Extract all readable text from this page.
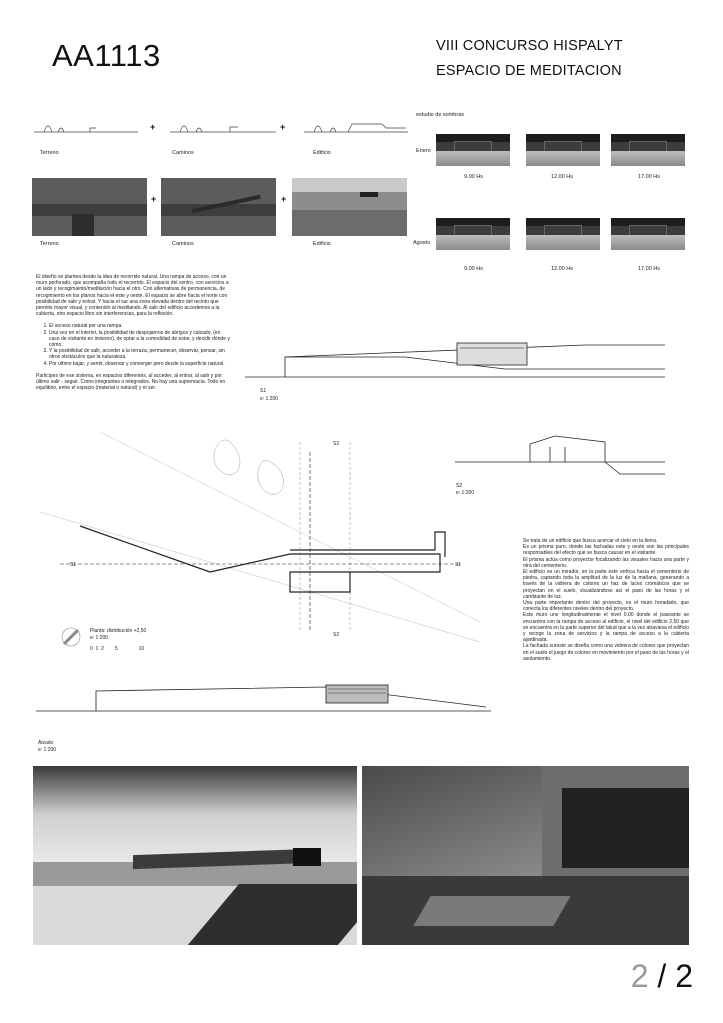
AA1113	VIII CONCURSO HISPALYT
ESPACIO DE MEDITACION
+	+
Terreno	Caminos	Edificio
+	+
Terreno	Caminos	Edificio
estudio de sombras
Enero
9.00 Hs	12.00 Hs	17.00 Hs
Agosto
9.00 Hs	12.00 Hs	17.00 Hs
El diseño se plantea desde la idea de recorrido natural. Una rampa de acceso, con un muro perforado, que acompaña todo el recorrido. El espacio del centro, con servicios a un lado y recogimiento/meditación hacia el otro. Con alternativas de permanencia, de recogimiento en los planos hacia el este y oeste. El espacio se abre hacia el norte con posibilidad de salir y entrar. Y hacia el sur una zona elevada dentro del recinto que permite mayor visual, y contenido al meditando. Al salir del edificio accedemos a la cubierta, otro espacio libre sin interferencias, para la reflexión.
1. El acceso natural por una rampa.
2. Una vez en el interior, la posibilidad de despojarnos de abrigos y calzado, (en caso de visitante en invierno), de optar a la comodidad de estar, y decidir dónde y cómo.
3. Y la posibilidad de salir, acceder a la terraza, permanecer, observar, pensar, sin otros obstáculos que la naturaleza.
4. Por último bajar, y sentir, observar y converger pero desde la superficie natural.
Participes de ese sistema, en espacios diferentes, al acceder, al entrar, al salir y por último salir - seguir. Como integrantes o integrados. No hay una supremacía. Todo en equilibrio, entre el espacio (material o natural) y el ser.	S1
e: 1:200
S2
e: 1:200
S2
S2
S1	S1
Planta: distribución +2,50
e: 1:200
0  1  2        5               10
Se trata de un edificio que busca acercar el cielo en la tierra.
Es un prisma puro, donde las fachadas este y oeste son las principales responsables del efecto que se busca causar en el visitante.
El prisma actúa como proyector focalizando las visuales hacia una parte y otra del cementerio.
El edificio es un mirador, en la parte este enfoca hacia el cementerio de piedra, captando toda la amplitud de la luz de la mañana, generando a través de la vidriera de colores un haz de luces cromáticos que se proyectan en el suelo, visualizándose así el paso de las horas y el cambiante de luz.
Una parte importante dentro del proyecto, es el muro horadado, que conecta los diferentes niveles dentro del proyecto.
Este muro une longitudinalmente el nivel 0.00 donde el paseante se encuentra con la rampa de acceso al edificio, el nivel del edificio 2.50 que se encuentra en la parte superior del talud que a la vez atraviesa el edificio y recoge la zona de servicios y la rampa de acceso a la cubierta ajardinada.
La fachada sureste se diseña como una vidriera de colores que proyectan en el suelo el juego de colores en movimiento por el paso de las horas y el asolamiento.
Alzado
e: 1:200
2 / 2
